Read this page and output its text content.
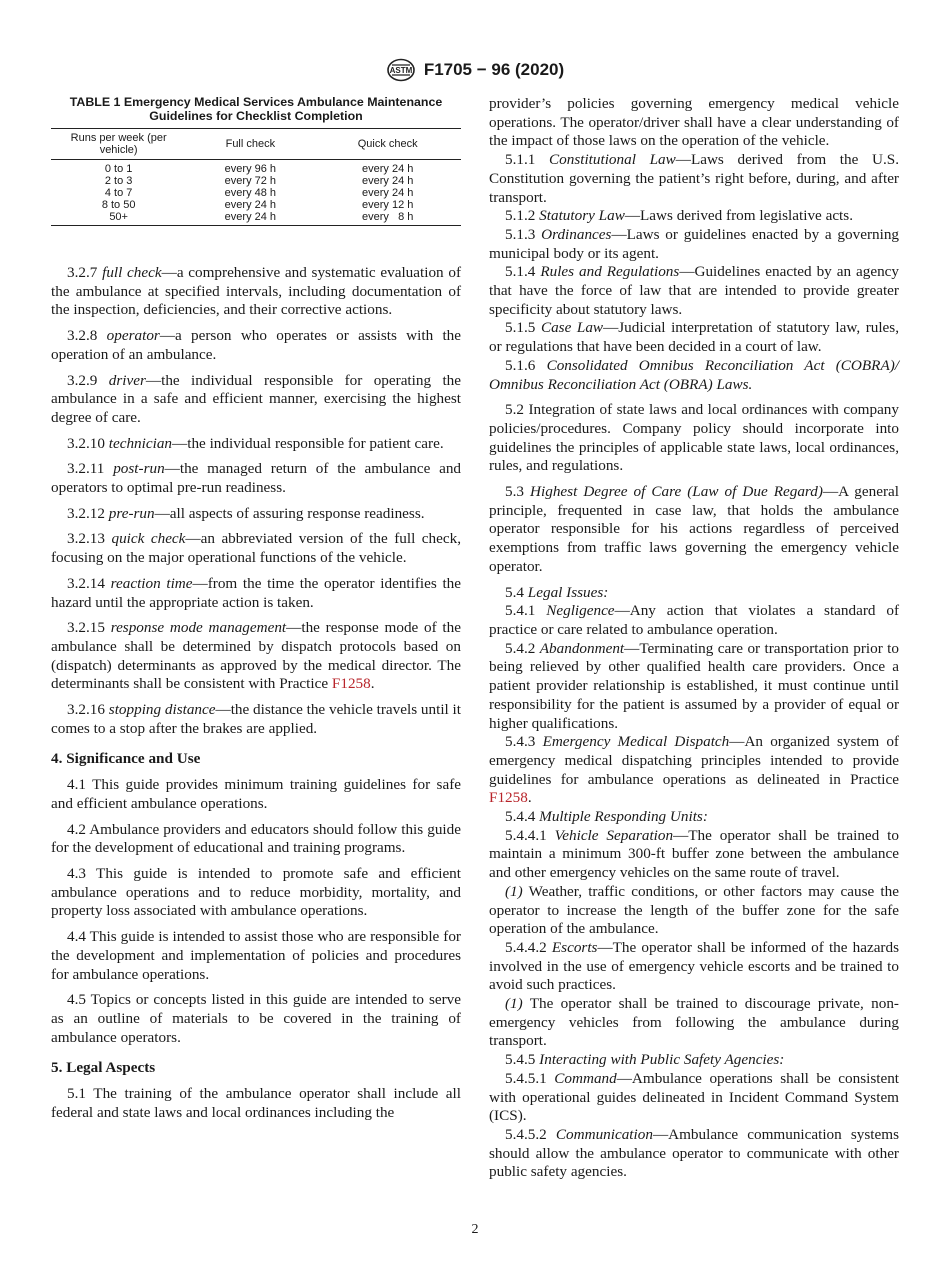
ASTM F1705 − 96 (2020)
TABLE 1 Emergency Medical Services Ambulance Maintenance
Guidelines for Checklist Completion
Runs per week (per vehicle)	Full check	Quick check
0 to 1	every 96 h	every 24 h
2 to 3	every 72 h	every 24 h
4 to 7	every 48 h	every 24 h
8 to 50	every 24 h	every 12 h
50+	every 24 h	every   8 h

3.2.7 full check—a comprehensive and systematic evaluation of the ambulance at specified intervals, including documentation of the inspection, deficiencies, and their corrective actions.

3.2.8 operator—a person who operates or assists with the operation of an ambulance.

3.2.9 driver—the individual responsible for operating the ambulance in a safe and efficient manner, exercising the highest degree of care.

3.2.10 technician—the individual responsible for patient care.

3.2.11 post-run—the managed return of the ambulance and operators to optimal pre-run readiness.

3.2.12 pre-run—all aspects of assuring response readiness.

3.2.13 quick check—an abbreviated version of the full check, focusing on the major operational functions of the vehicle.

3.2.14 reaction time—from the time the operator identifies the hazard until the appropriate action is taken.

3.2.15 response mode management—the response mode of the ambulance shall be determined by dispatch protocols based on (dispatch) determinants as approved by the medical director. The determinants shall be consistent with Practice F1258.

3.2.16 stopping distance—the distance the vehicle travels until it comes to a stop after the brakes are applied.

4. Significance and Use

4.1 This guide provides minimum training guidelines for safe and efficient ambulance operations.

4.2 Ambulance providers and educators should follow this guide for the development of educational and training programs.

4.3 This guide is intended to promote safe and efficient ambulance operations and to reduce morbidity, mortality, and property loss associated with ambulance operations.

4.4 This guide is intended to assist those who are responsible for the development and implementation of policies and procedures for ambulance operations.

4.5 Topics or concepts listed in this guide are intended to serve as an outline of materials to be covered in the training of ambulance operators.

5. Legal Aspects

5.1 The training of the ambulance operator shall include all federal and state laws and local ordinances including the

provider’s policies governing emergency medical vehicle operations. The operator/driver shall have a clear understanding of the impact of those laws on the operation of the vehicle.

5.1.1 Constitutional Law—Laws derived from the U.S. Constitution governing the patient’s right before, during, and after transport.

5.1.2 Statutory Law—Laws derived from legislative acts.

5.1.3 Ordinances—Laws or guidelines enacted by a governing municipal body or its agent.

5.1.4 Rules and Regulations—Guidelines enacted by an agency that have the force of law that are intended to provide greater specificity about statutory laws.

5.1.5 Case Law—Judicial interpretation of statutory law, rules, or regulations that have been decided in a court of law.

5.1.6 Consolidated Omnibus Reconciliation Act (COBRA)/ Omnibus Reconciliation Act (OBRA) Laws.

5.2 Integration of state laws and local ordinances with company policies/procedures. Company policy should incorporate into guidelines the principles of applicable state laws, local ordinances, rules, and regulations.

5.3 Highest Degree of Care (Law of Due Regard)—A general principle, frequented in case law, that holds the ambulance operator responsible for his actions regardless of perceived exemptions from traffic laws governing the emergency vehicle operator.

5.4 Legal Issues:

5.4.1 Negligence—Any action that violates a standard of practice or care related to ambulance operation.

5.4.2 Abandonment—Terminating care or transportation prior to being relieved by other qualified health care providers. Once a patient provider relationship is established, it must continue until responsibility for the patient is assumed by a provider of equal or higher qualifications.

5.4.3 Emergency Medical Dispatch—An organized system of emergency medical dispatching principles intended to provide guidelines for ambulance operations as delineated in Practice F1258.

5.4.4 Multiple Responding Units:

5.4.4.1 Vehicle Separation—The operator shall be trained to maintain a minimum 300-ft buffer zone between the ambulance and other emergency vehicles on the same route of travel.

(1) Weather, traffic conditions, or other factors may cause the operator to increase the length of the buffer zone for the safe operation of the ambulance.

5.4.4.2 Escorts—The operator shall be informed of the hazards involved in the use of emergency vehicle escorts and be trained to avoid such practices.

(1) The operator shall be trained to discourage private, non-emergency vehicles from following the ambulance during transport.

5.4.5 Interacting with Public Safety Agencies:

5.4.5.1 Command—Ambulance operations shall be consistent with operational guides delineated in Incident Command System (ICS).

5.4.5.2 Communication—Ambulance communication systems should allow the ambulance operator to communicate with other public safety agencies.

2
